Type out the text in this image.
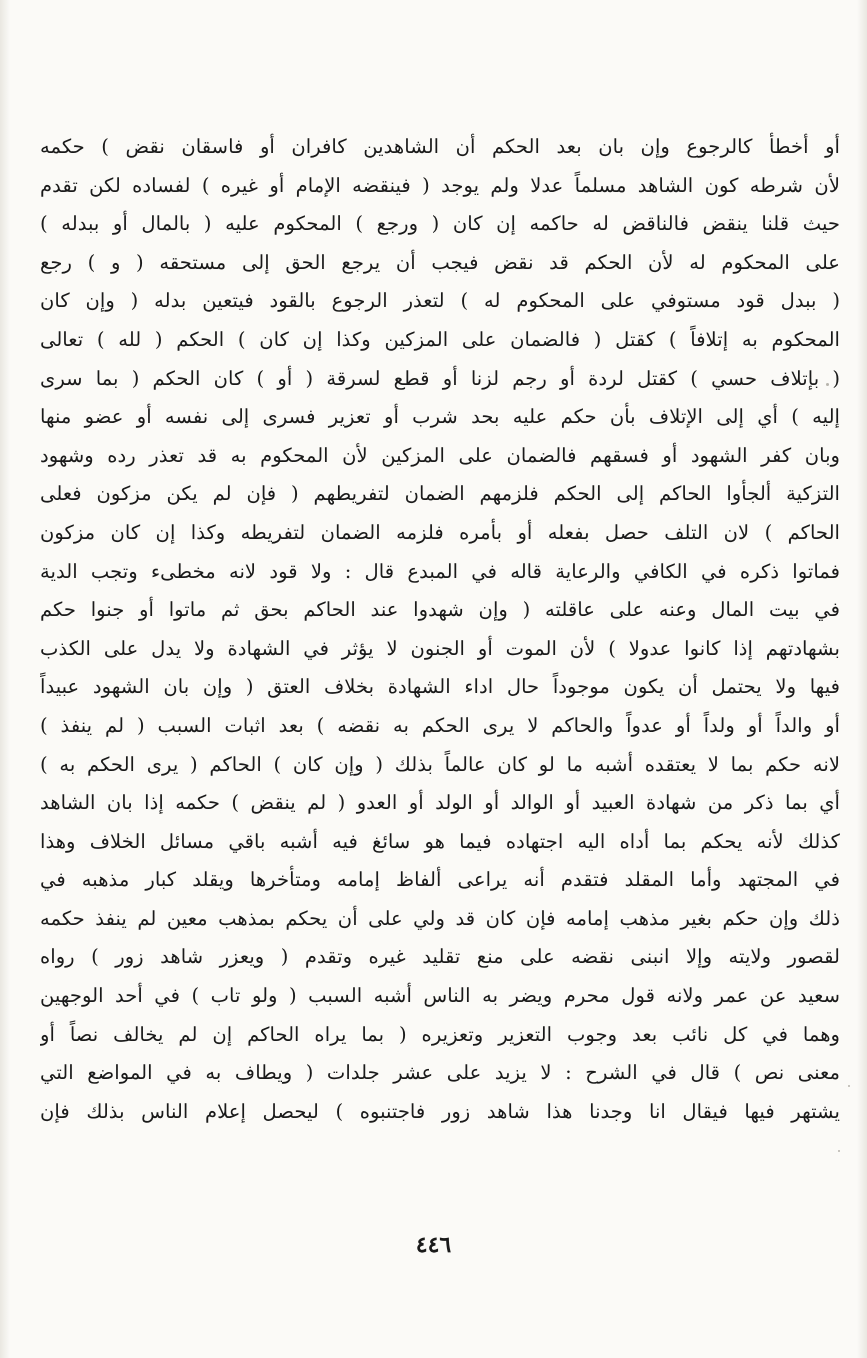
أو أخطأ كالرجوع وإن بان بعد الحكم أن الشاهدين كافران أو فاسقان نقض ) حكمه
لأن شرطه كون الشاهد مسلماً عدلا ولم يوجد ( فينقضه الإمام أو غيره ) لفساده لكن تقدم
حيث قلنا ينقض فالناقض له حاكمه إن كان ( ورجع ) المحكوم عليه ( بالمال أو ببدله )
على المحكوم له لأن الحكم قد نقض فيجب أن يرجع الحق إلى مستحقه ( و ) رجع
( ببدل قود مستوفي على المحكوم له ) لتعذر الرجوع بالقود فيتعين بدله ( وإن كان
المحكوم به إتلافاً ) كقتل ( فالضمان على المزكين وكذا إن كان ) الحكم ( لله ) تعالى
( بإتلاف حسي ) كقتل لردة أو رجم لزنا أو قطع لسرقة ( أو ) كان الحكم ( بما سرى
إليه ) أي إلى الإتلاف بأن حكم عليه بحد شرب أو تعزير فسرى إلى نفسه أو عضو منها
وبان كفر الشهود أو فسقهم فالضمان على المزكين لأن المحكوم به قد تعذر رده وشهود
التزكية ألجأوا الحاكم إلى الحكم فلزمهم الضمان لتفريطهم ( فإن لم يكن مزكون فعلى
الحاكم ) لان التلف حصل بفعله أو بأمره فلزمه الضمان لتفريطه وكذا إن كان مزكون
فماتوا ذكره في الكافي والرعاية قاله في المبدع قال : ولا قود لانه مخطىء وتجب الدية
في بيت المال وعنه على عاقلته ( وإن شهدوا عند الحاكم بحق ثم ماتوا أو جنوا حكم
بشهادتهم إذا كانوا عدولا ) لأن الموت أو الجنون لا يؤثر في الشهادة ولا يدل على الكذب
فيها ولا يحتمل أن يكون موجوداً حال اداء الشهادة بخلاف العتق ( وإن بان الشهود عبيداً
أو والداً أو ولداً أو عدواً والحاكم لا يرى الحكم به نقضه ) بعد اثبات السبب ( لم ينفذ )
لانه حكم بما لا يعتقده أشبه ما لو كان عالماً بذلك ( وإن كان ) الحاكم ( يرى الحكم به )
أي بما ذكر من شهادة العبيد أو الوالد أو الولد أو العدو ( لم ينقض ) حكمه إذا بان الشاهد
كذلك لأنه يحكم بما أداه اليه اجتهاده فيما هو سائغ فيه أشبه باقي مسائل الخلاف وهذا
في المجتهد وأما المقلد فتقدم أنه يراعى ألفاظ إمامه ومتأخرها ويقلد كبار مذهبه في
ذلك وإن حكم بغير مذهب إمامه فإن كان قد ولي على أن يحكم بمذهب معين لم ينفذ حكمه
لقصور ولايته وإلا انبنى نقضه على منع تقليد غيره وتقدم ( ويعزر شاهد زور ) رواه
سعيد عن عمر ولانه قول محرم ويضر به الناس أشبه السبب ( ولو تاب ) في أحد الوجهين
وهما في كل نائب بعد وجوب التعزير وتعزيره ( بما يراه الحاكم إن لم يخالف نصاً أو
معنى نص ) قال في الشرح : لا يزيد على عشر جلدات ( ويطاف به في المواضع التي
يشتهر فيها فيقال انا وجدنا هذا شاهد زور فاجتنبوه ) ليحصل إعلام الناس بذلك فإن
٤٤٦
